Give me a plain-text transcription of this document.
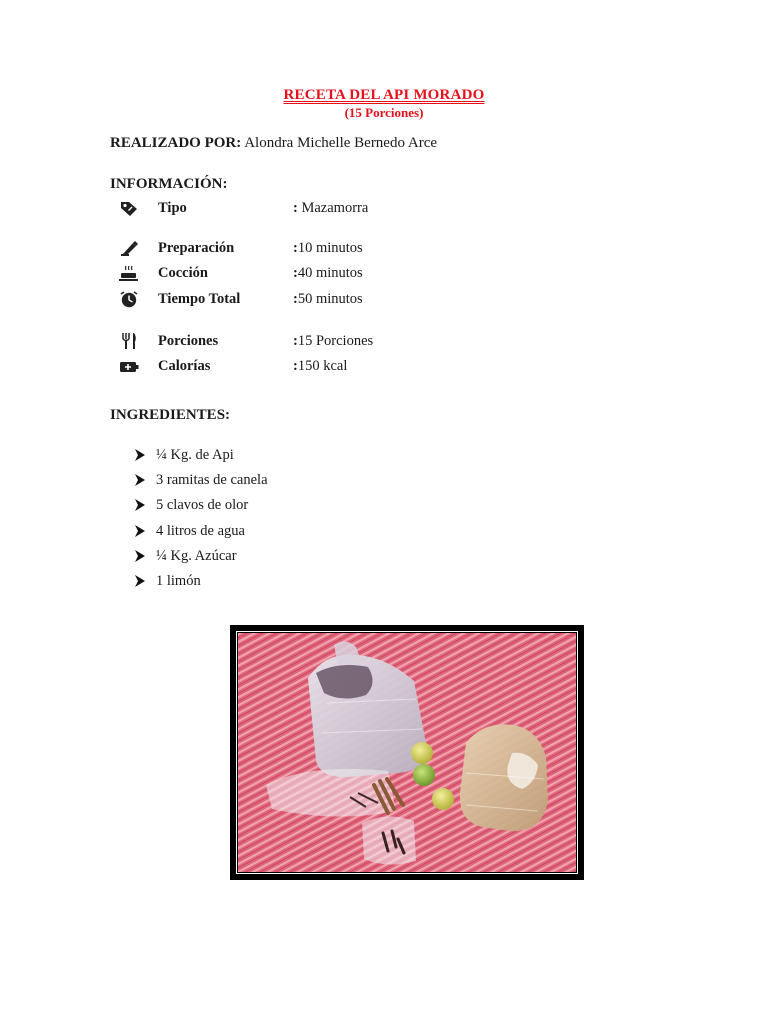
RECETA DEL API MORADO
(15 Porciones)
REALIZADO POR: Alondra Michelle Bernedo Arce
INFORMACIÓN:
Tipo	: Mazamorra
Preparación	:10 minutos
Cocción	:40 minutos
Tiempo Total	:50 minutos
Porciones	:15 Porciones
Calorías	:150 kcal
INGREDIENTES:
¼ Kg. de Api
3 ramitas de canela
5 clavos de olor
4 litros de agua
¼ Kg. Azúcar
1 limón
